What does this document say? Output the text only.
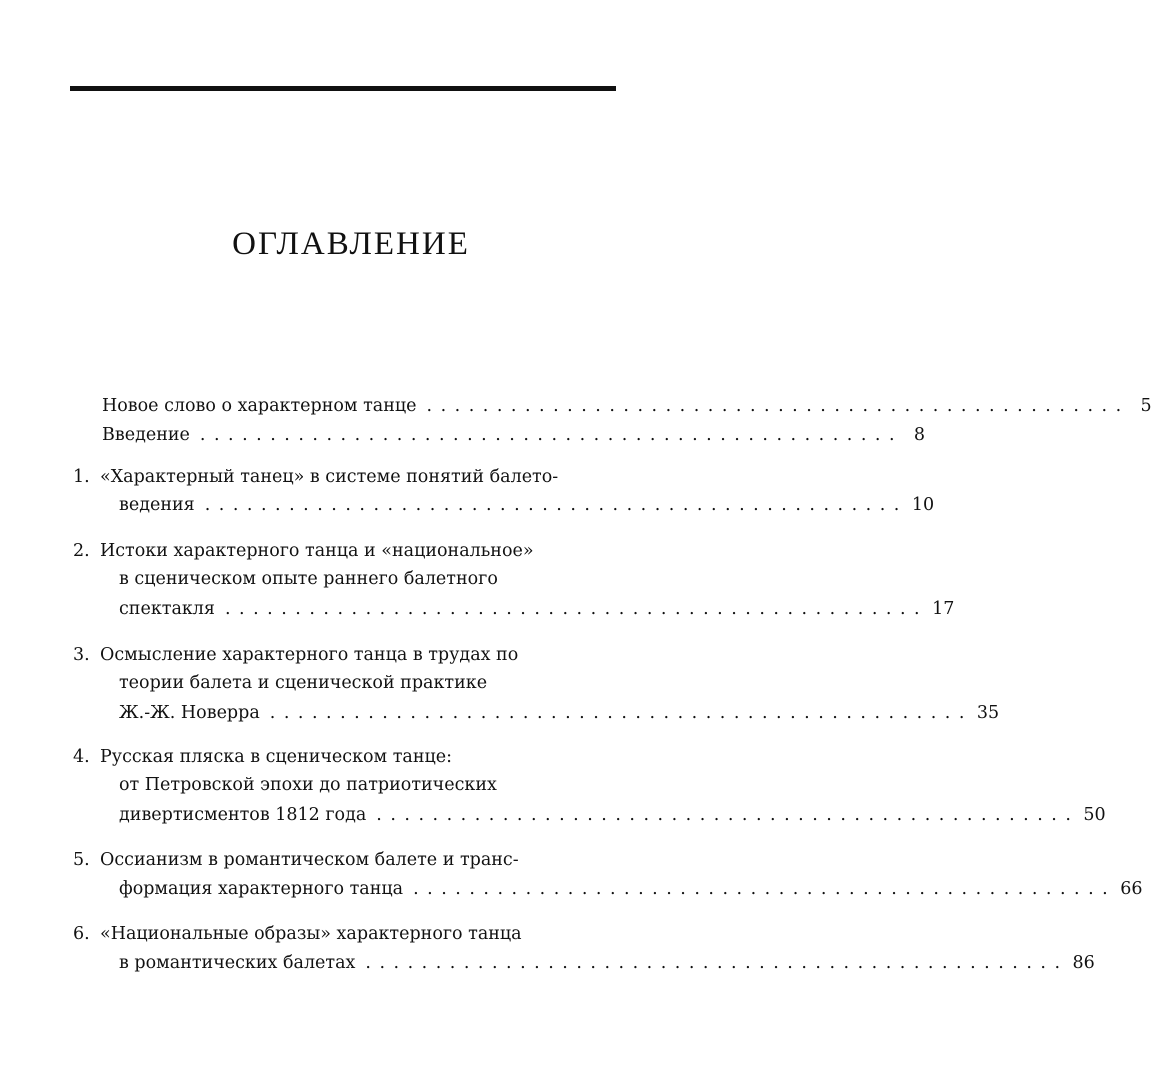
ОГЛАВЛЕНИЕ
Новое слово о характерном танце .................................................. 5
Введение .................................................. 8
1. «Характерный танец» в системе понятий балето-
ведения .................................................. 10
2. Истоки характерного танца и «национальное»
в сценическом опыте раннего балетного
спектакля .................................................. 17
3. Осмысление характерного танца в трудах по
теории балета и сценической практике
Ж.-Ж. Новерра .................................................. 35
4. Русская пляска в сценическом танце:
от Петровской эпохи до патриотических
дивертисментов 1812 года .................................................. 50
5. Оссианизм в романтическом балете и транс-
формация характерного танца .................................................. 66
6. «Национальные образы» характерного танца
в романтических балетах .................................................. 86
